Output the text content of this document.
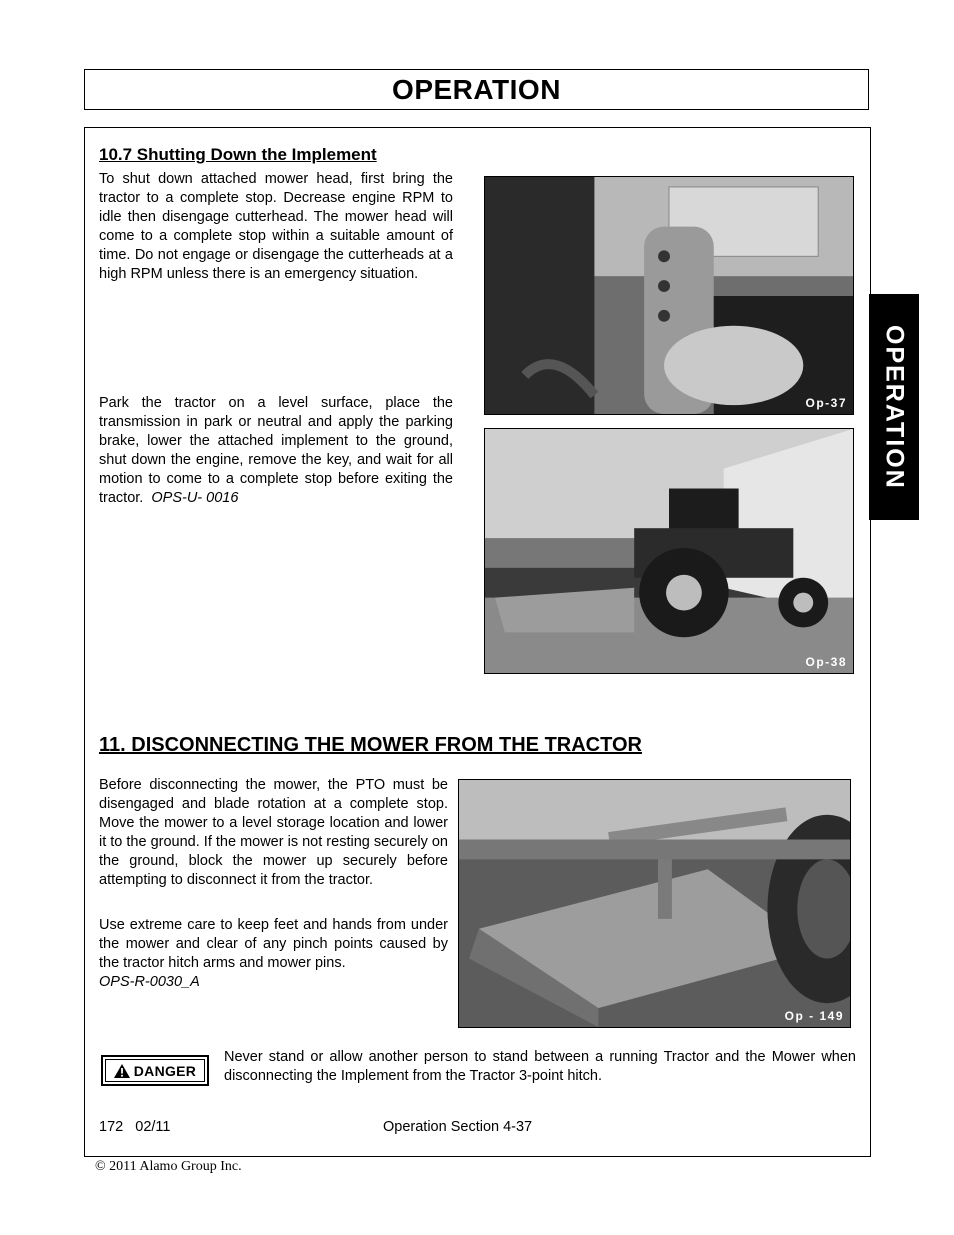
OPERATION
OPERATION
10.7 Shutting Down the Implement

To shut down attached mower head, first bring the tractor to a complete stop. Decrease engine RPM to idle then disengage cutterhead. The mower head will come to a complete stop within a suitable amount of time. Do not engage or disengage the cutterheads at a high RPM unless there is an emergency situation.

Park the tractor on a level surface, place the transmission in park or neutral and apply the parking brake, lower the attached implement to the ground, shut down the engine, remove the key, and wait for all motion to come to a complete stop before exiting the tractor. OPS-U- 0016

Op-37
Op-38
11. DISCONNECTING THE MOWER FROM THE TRACTOR

Before disconnecting the mower, the PTO must be disengaged and blade rotation at a complete stop. Move the mower to a level storage location and lower it to the ground. If the mower is not resting securely on the ground, block the mower up securely before attempting to disconnect it from the tractor.

Use extreme care to keep feet and hands from under the mower and clear of any pinch points caused by the tractor hitch arms and mower pins.
OPS-R-0030_A

Op - 149
DANGER

Never stand or allow another person to stand between a running Tractor and the Mower when disconnecting the Implement from the Tractor 3-point hitch.

172   02/11	Operation Section 4-37
© 2011 Alamo Group Inc.
